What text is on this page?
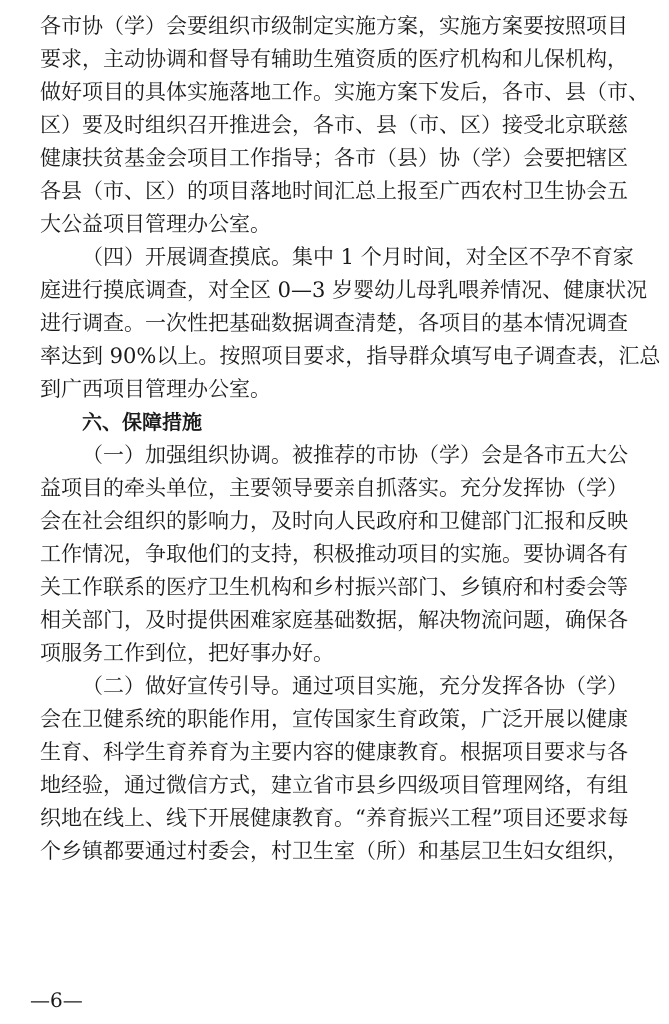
各市协（学）会要组织市级制定实施方案，实施方案要按照项目
要求，主动协调和督导有辅助生殖资质的医疗机构和儿保机构，
做好项目的具体实施落地工作。实施方案下发后，各市、县（市、
区）要及时组织召开推进会，各市、县（市、区）接受北京联慈
健康扶贫基金会项目工作指导；各市（县）协（学）会要把辖区
各县（市、区）的项目落地时间汇总上报至广西农村卫生协会五
大公益项目管理办公室。
（四）开展调查摸底。集中 1 个月时间，对全区不孕不育家
庭进行摸底调查，对全区 0—3 岁婴幼儿母乳喂养情况、健康状况
进行调查。一次性把基础数据调查清楚，各项目的基本情况调查
率达到 90%以上。按照项目要求，指导群众填写电子调查表，汇总
到广西项目管理办公室。
六、保障措施
（一）加强组织协调。被推荐的市协（学）会是各市五大公
益项目的牵头单位，主要领导要亲自抓落实。充分发挥协（学）
会在社会组织的影响力，及时向人民政府和卫健部门汇报和反映
工作情况，争取他们的支持，积极推动项目的实施。要协调各有
关工作联系的医疗卫生机构和乡村振兴部门、乡镇府和村委会等
相关部门，及时提供困难家庭基础数据，解决物流问题，确保各
项服务工作到位，把好事办好。
（二）做好宣传引导。通过项目实施，充分发挥各协（学）
会在卫健系统的职能作用，宣传国家生育政策，广泛开展以健康
生育、科学生育养育为主要内容的健康教育。根据项目要求与各
地经验，通过微信方式，建立省市县乡四级项目管理网络，有组
织地在线上、线下开展健康教育。“养育振兴工程”项目还要求每
个乡镇都要通过村委会，村卫生室（所）和基层卫生妇女组织，
—6—
